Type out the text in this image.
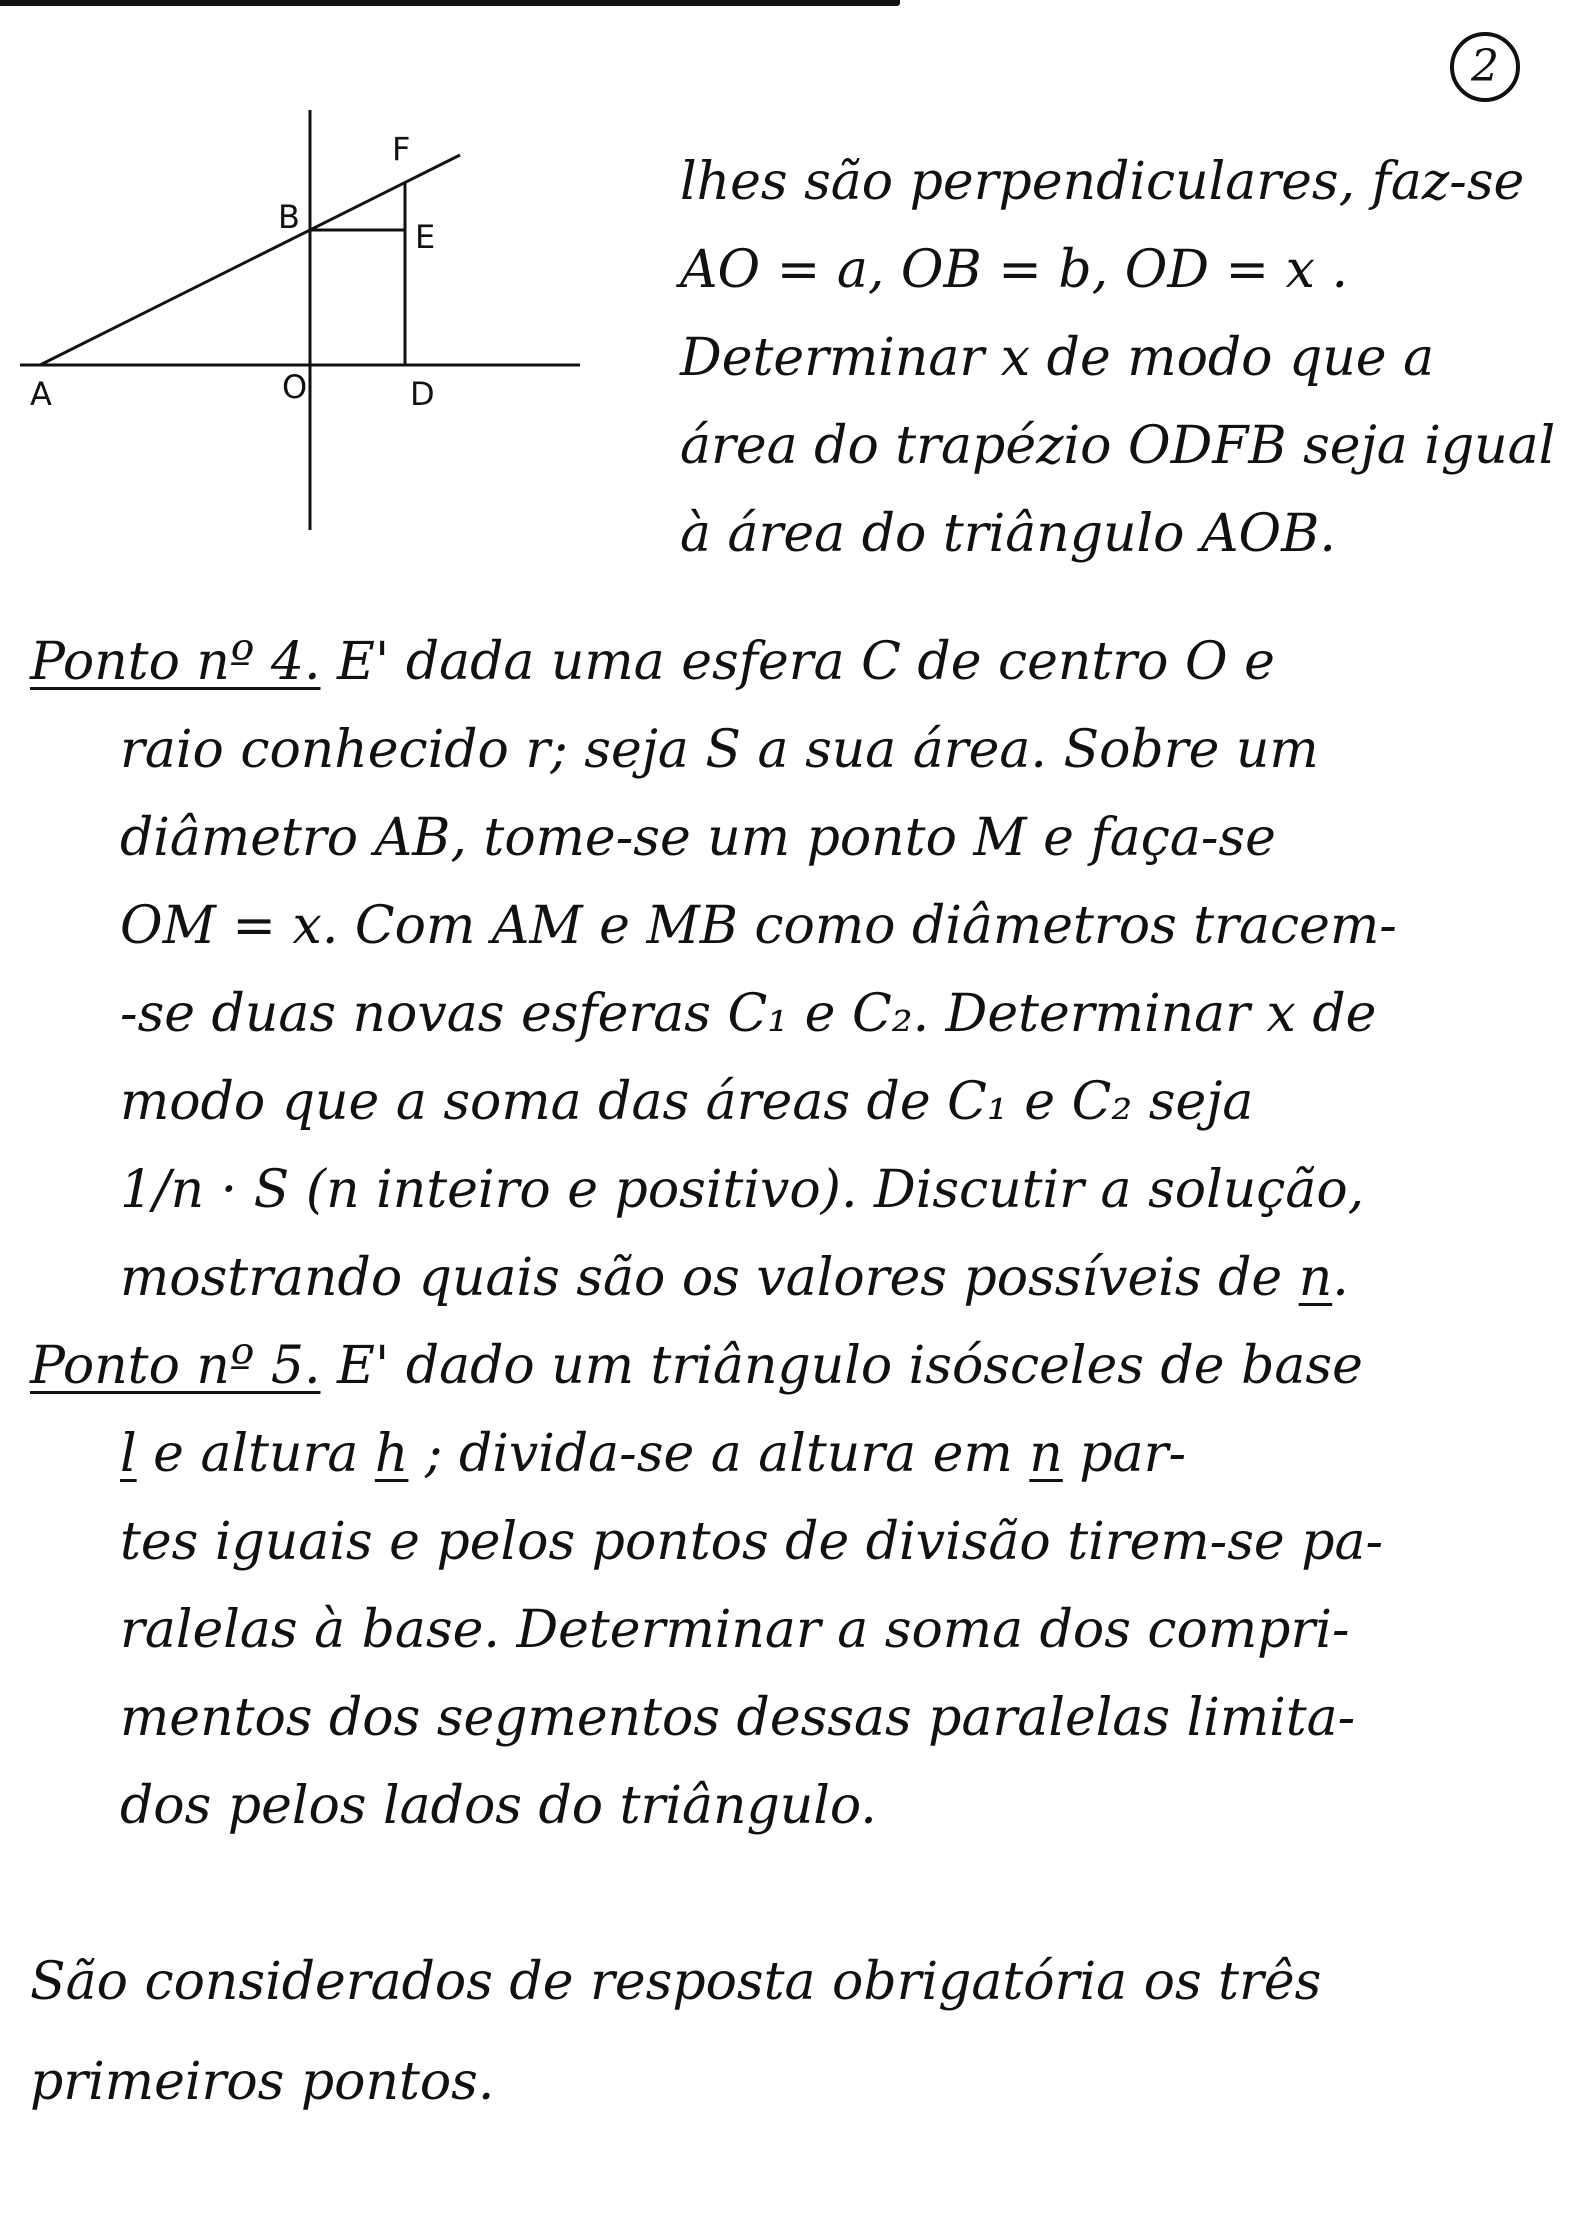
2
A	O	D
B
E
F
lhes são perpendiculares, faz-se
AO = a, OB = b, OD = x .
Determinar x de modo que a
área do trapézio ODFB seja igual
à área do triângulo AOB.
Ponto nº 4. E' dada uma esfera C de centro O e
raio conhecido r; seja S a sua área. Sobre um
diâmetro AB, tome-se um ponto M e faça-se
OM = x. Com AM e MB como diâmetros tracem-
-se duas novas esferas C₁ e C₂. Determinar x de
modo que a soma das áreas de C₁ e C₂ seja
1/n · S (n inteiro e positivo). Discutir a solução,
mostrando quais são os valores possíveis de n.
Ponto nº 5. E' dado um triângulo isósceles de base
l e altura h ; divida-se a altura em n par-
tes iguais e pelos pontos de divisão tirem-se pa-
ralelas à base. Determinar a soma dos compri-
mentos dos segmentos dessas paralelas limita-
dos pelos lados do triângulo.
São considerados de resposta obrigatória os três
primeiros pontos.
